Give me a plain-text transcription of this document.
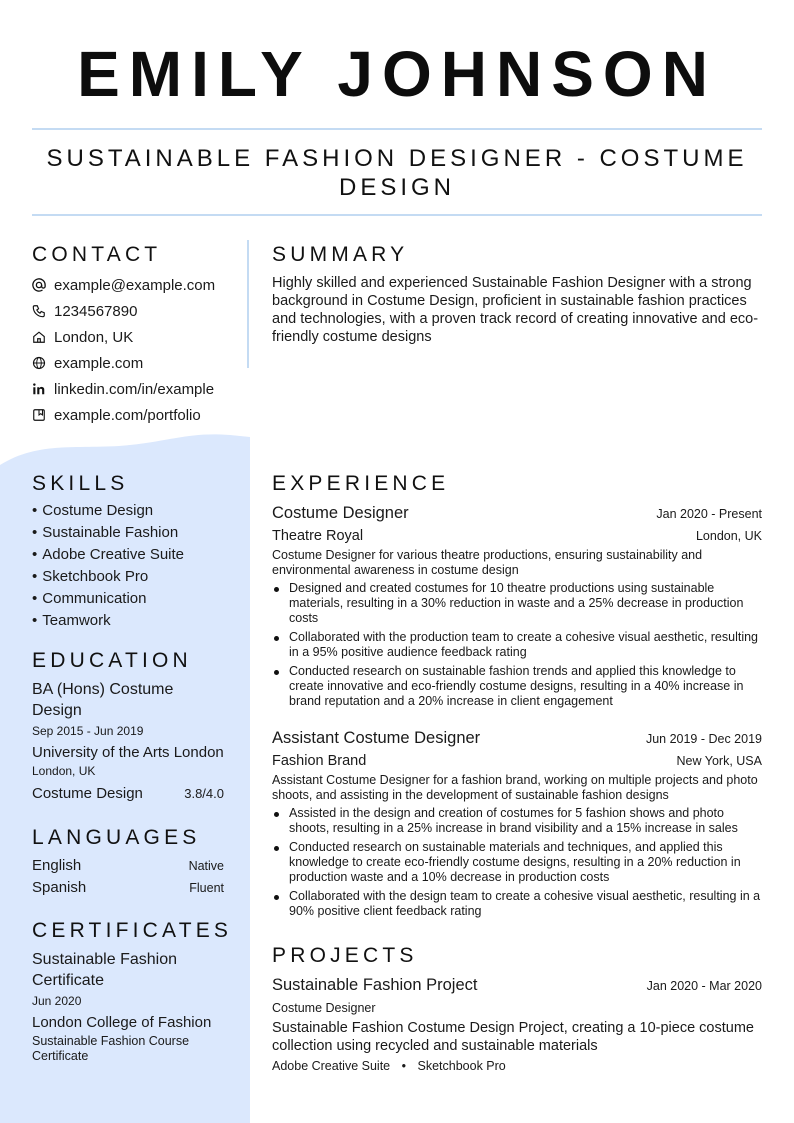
EMILY JOHNSON
SUSTAINABLE FASHION DESIGNER - COSTUME DESIGN
CONTACT
example@example.com
1234567890
London, UK
example.com
linkedin.com/in/example
example.com/portfolio
SKILLS
• Costume Design
• Sustainable Fashion
• Adobe Creative Suite
• Sketchbook Pro
• Communication
• Teamwork
EDUCATION
BA (Hons) Costume Design
Sep 2015 - Jun 2019
University of the Arts London
London, UK
Costume Design	3.8/4.0
LANGUAGES
English	Native
Spanish	Fluent
CERTIFICATES
Sustainable Fashion Certificate
Jun 2020
London College of Fashion
Sustainable Fashion Course Certificate
SUMMARY
Highly skilled and experienced Sustainable Fashion Designer with a strong background in Costume Design, proficient in sustainable fashion practices and technologies, with a proven track record of creating innovative and eco-friendly costume designs
EXPERIENCE
Costume Designer	Jan 2020 - Present
Theatre Royal	London, UK
Costume Designer for various theatre productions, ensuring sustainability and environmental awareness in costume design
Designed and created costumes for 10 theatre productions using sustainable materials, resulting in a 30% reduction in waste and a 25% decrease in production costs
Collaborated with the production team to create a cohesive visual aesthetic, resulting in a 95% positive audience feedback rating
Conducted research on sustainable fashion trends and applied this knowledge to create innovative and eco-friendly costume designs, resulting in a 40% increase in brand reputation and a 20% increase in client engagement
Assistant Costume Designer	Jun 2019 - Dec 2019
Fashion Brand	New York, USA
Assistant Costume Designer for a fashion brand, working on multiple projects and photo shoots, and assisting in the development of sustainable fashion designs
Assisted in the design and creation of costumes for 5 fashion shows and photo shoots, resulting in a 25% increase in brand visibility and a 15% increase in sales
Conducted research on sustainable materials and techniques, and applied this knowledge to create eco-friendly costume designs, resulting in a 20% reduction in production waste and a 10% decrease in production costs
Collaborated with the design team to create a cohesive visual aesthetic, resulting in a 90% positive client feedback rating
PROJECTS
Sustainable Fashion Project	Jan 2020 - Mar 2020
Costume Designer
Sustainable Fashion Costume Design Project, creating a 10-piece costume collection using recycled and sustainable materials
Adobe Creative Suite • Sketchbook Pro
